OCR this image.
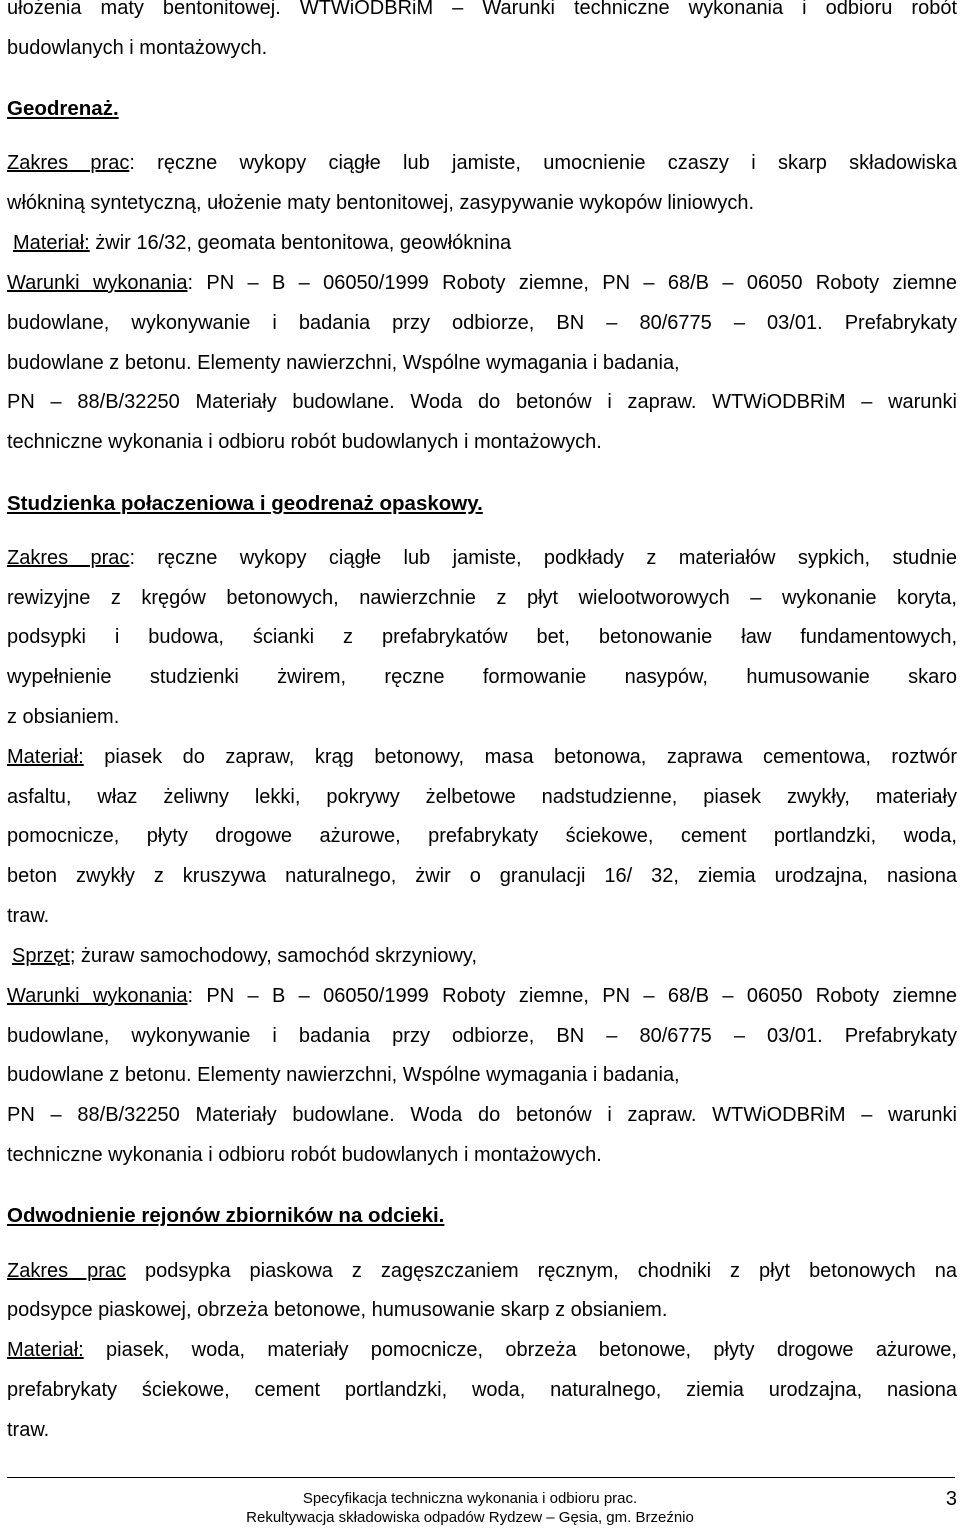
ułożenia maty bentonitowej. WTWiODBRiM – Warunki techniczne wykonania i odbioru robót
budowlanych i montażowych.
Geodrenaż.
Zakres prac: ręczne wykopy ciągłe lub jamiste, umocnienie czaszy i skarp składowiska
włókniną syntetyczną, ułożenie maty bentonitowej, zasypywanie wykopów liniowych.
Materiał: żwir 16/32, geomata bentonitowa, geowłóknina
Warunki wykonania: PN – B – 06050/1999 Roboty ziemne, PN – 68/B – 06050 Roboty ziemne
budowlane, wykonywanie i badania przy odbiorze, BN – 80/6775 – 03/01. Prefabrykaty
budowlane z betonu. Elementy nawierzchni, Wspólne wymagania i badania,
PN – 88/B/32250 Materiały budowlane. Woda do betonów i zapraw. WTWiODBRiM – warunki
techniczne wykonania i odbioru robót budowlanych i montażowych.
Studzienka połaczeniowa i geodrenaż opaskowy.
Zakres prac: ręczne wykopy ciągłe lub jamiste, podkłady z materiałów sypkich, studnie
rewizyjne z kręgów betonowych, nawierzchnie z płyt wielootworowych – wykonanie koryta,
podsypki i budowa, ścianki z prefabrykatów bet, betonowanie ław fundamentowych,
wypełnienie studzienki żwirem, ręczne formowanie nasypów, humusowanie skaro
z obsianiem.
Materiał: piasek do zapraw, krąg betonowy, masa betonowa, zaprawa cementowa, roztwór
asfaltu, właz żeliwny lekki, pokrywy żelbetowe nadstudzienne, piasek zwykły, materiały
pomocnicze, płyty drogowe ażurowe, prefabrykaty ściekowe, cement portlandzki, woda,
beton zwykły z kruszywa naturalnego, żwir o granulacji 16/ 32, ziemia urodzajna, nasiona
traw.
Sprzęt; żuraw samochodowy, samochód skrzyniowy,
Warunki wykonania: PN – B – 06050/1999 Roboty ziemne, PN – 68/B – 06050 Roboty ziemne
budowlane, wykonywanie i badania przy odbiorze, BN – 80/6775 – 03/01. Prefabrykaty
budowlane z betonu. Elementy nawierzchni, Wspólne wymagania i badania,
PN – 88/B/32250 Materiały budowlane. Woda do betonów i zapraw. WTWiODBRiM – warunki
techniczne wykonania i odbioru robót budowlanych i montażowych.
Odwodnienie rejonów zbiorników na odcieki.
Zakres prac podsypka piaskowa z zagęszczaniem ręcznym, chodniki z płyt betonowych na
podsypce piaskowej, obrzeża betonowe, humusowanie skarp z obsianiem.
Materiał: piasek, woda, materiały pomocnicze, obrzeża betonowe, płyty drogowe ażurowe,
prefabrykaty ściekowe, cement portlandzki, woda, naturalnego, ziemia urodzajna, nasiona
traw.
Specyfikacja techniczna wykonania i odbioru prac.
Rekultywacja składowiska odpadów Rydzew – Gęsia, gm. Brzeźnio
3
